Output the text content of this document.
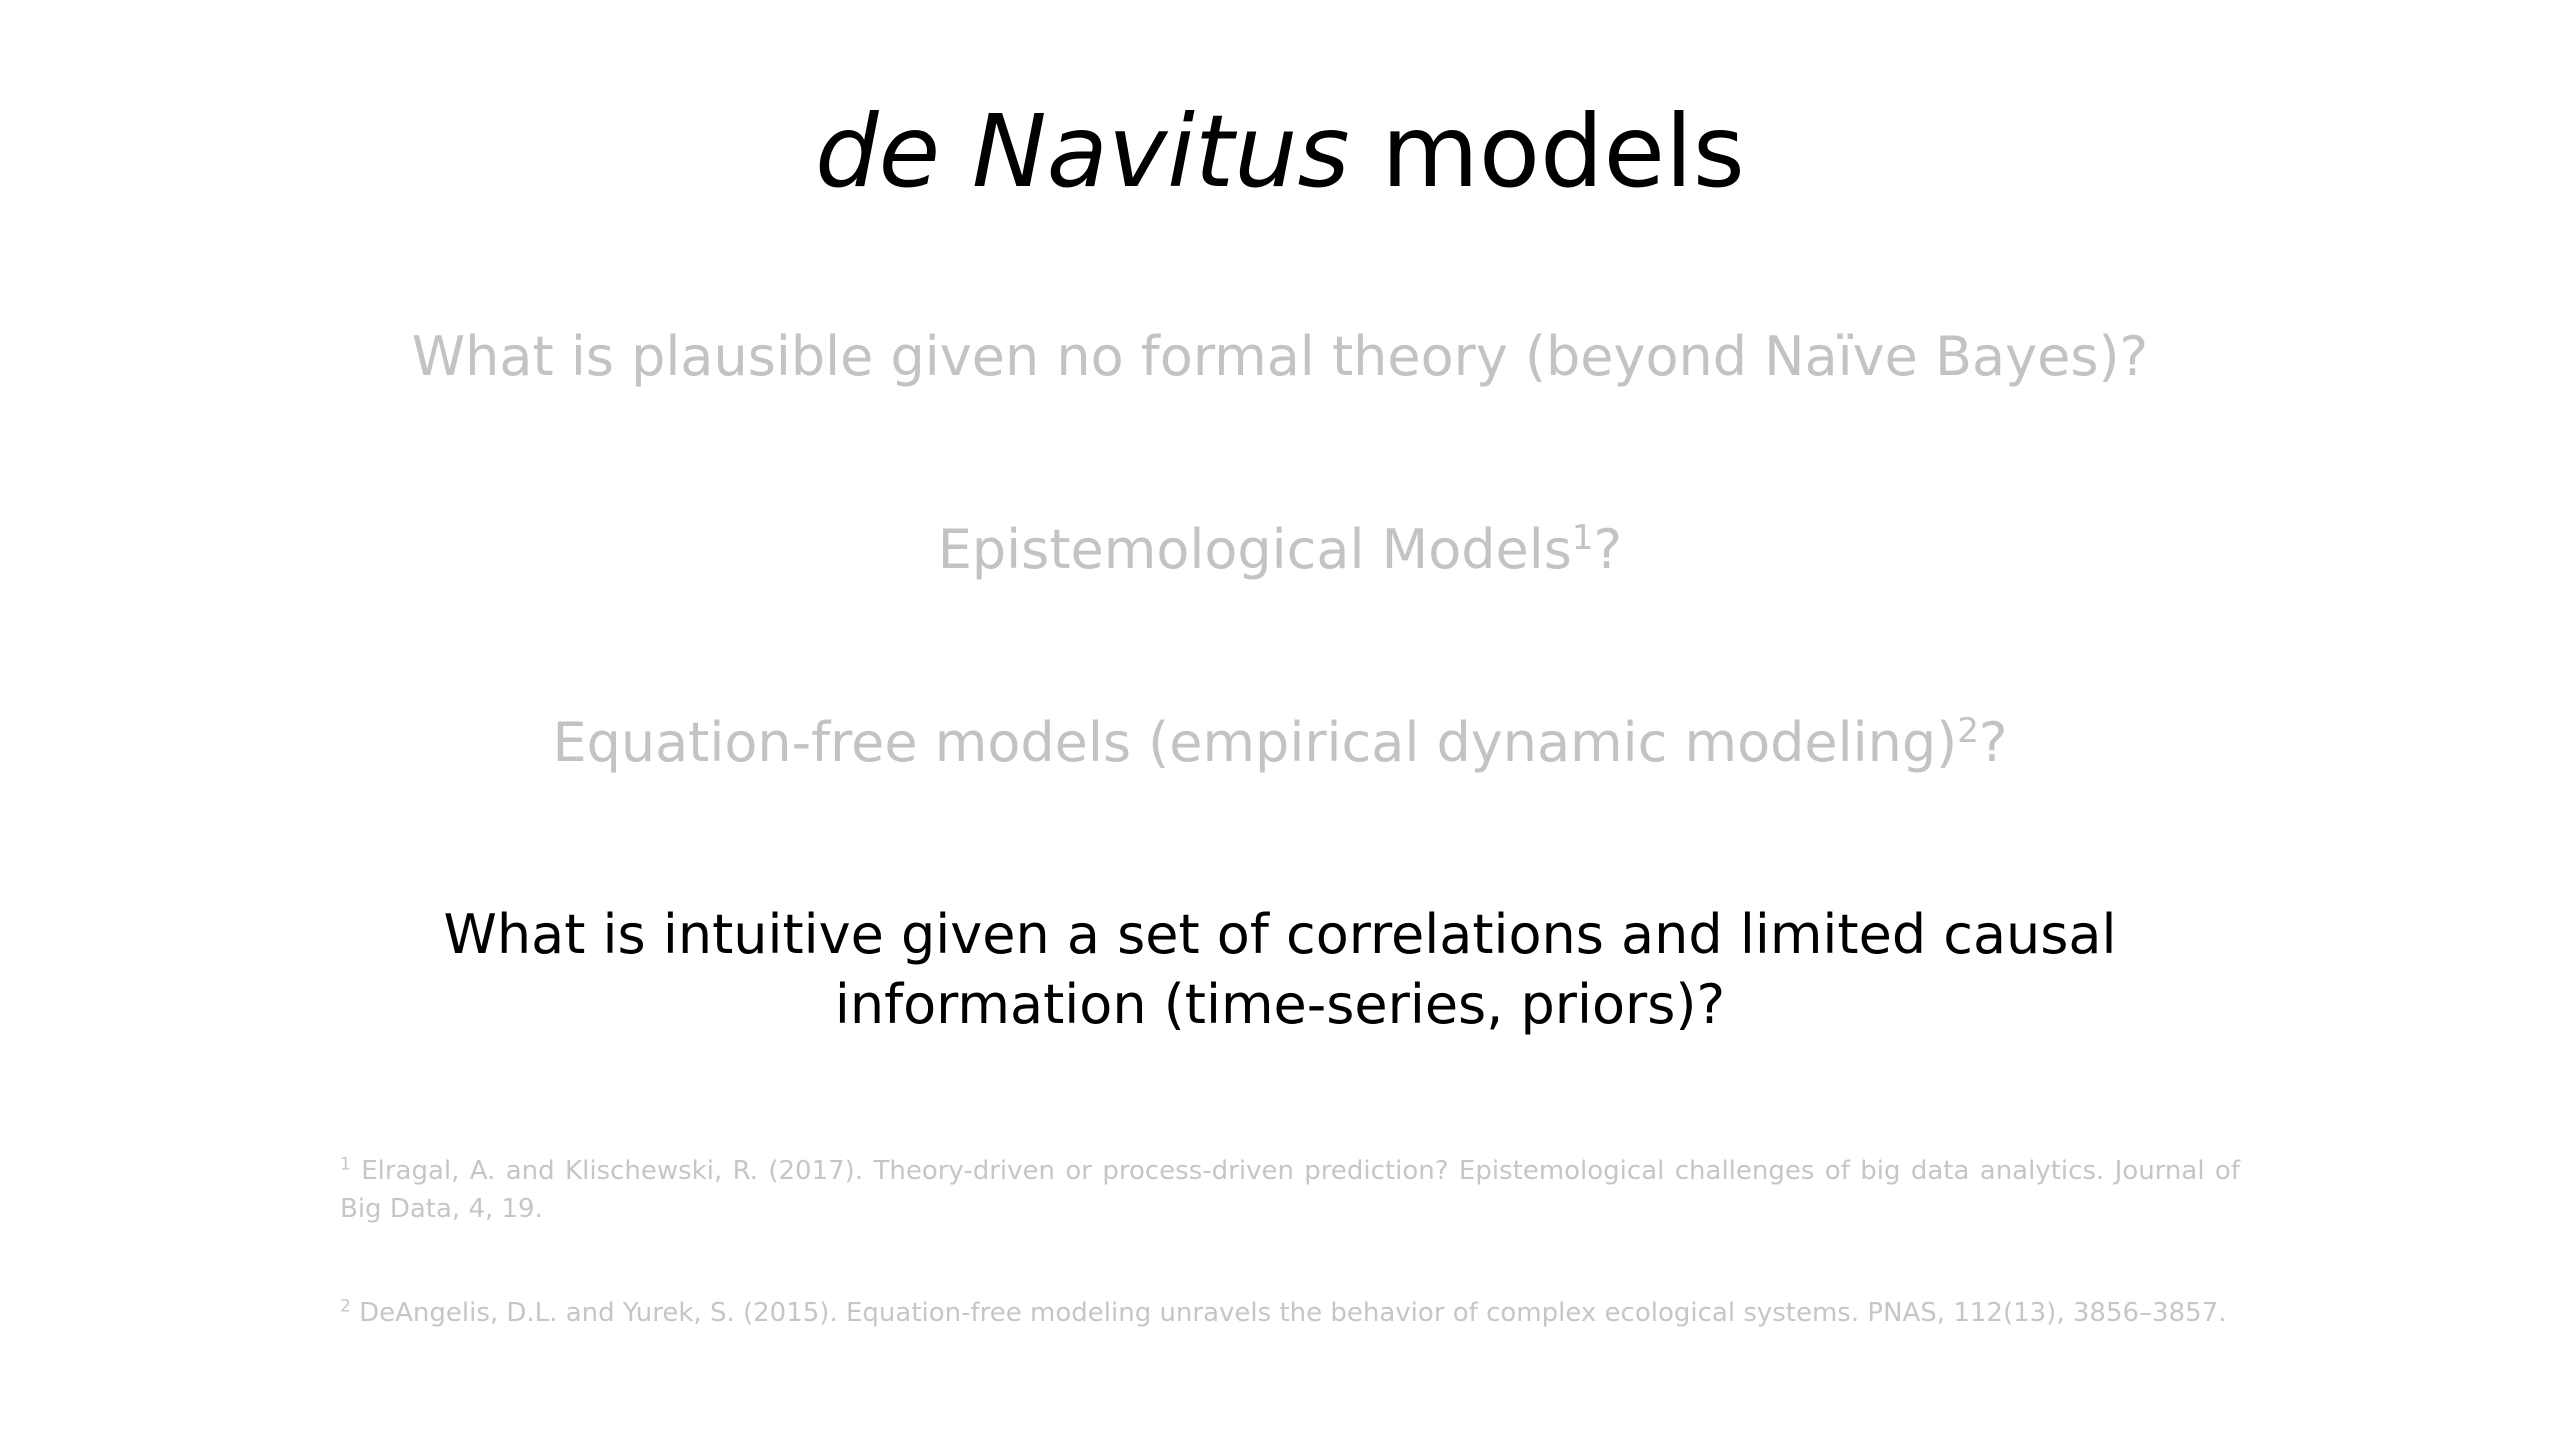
de Navitus models
What is plausible given no formal theory (beyond Naïve Bayes)?
Epistemological Models$^1$?
Equation-free models (empirical dynamic modeling)$^2$?
What is intuitive given a set of correlations and limited causal
information (time-series, priors)?
$^1$ Elragal, A. and Klischewski, R. (2017). Theory-driven or process-driven prediction? Epistemological challenges of big data analytics. Journal of Big Data, 4, 19.
$^2$ DeAngelis, D.L. and Yurek, S. (2015). Equation-free modeling unravels the behavior of complex ecological systems. PNAS, 112(13), 3856–3857.
